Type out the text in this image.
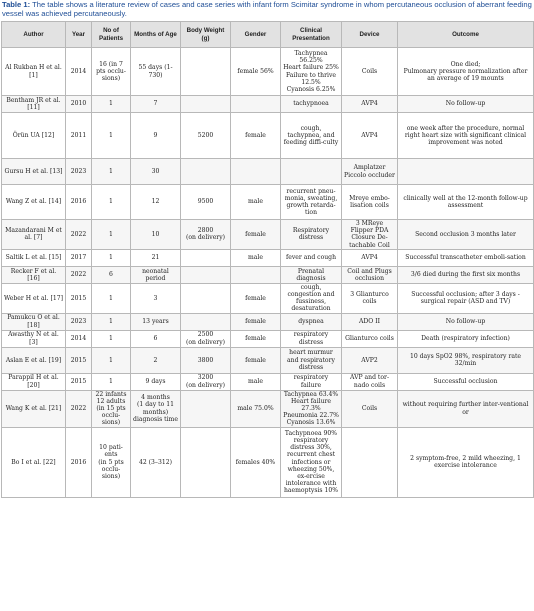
Table 1: The table shows a literature review of cases and case series with infant form Scimitar syndrome in whom percutaneous occlusion of aberrant feeding vessel was achieved percutaneously.
Author	Year	No of Patients	Months of Age	Body Weight (g)	Gender	Clinical Presentation	Device	Outcome
Al Rukban H et al. [1]	2014	16 (in 7 pts occlu-sions)	55 days (1-730)		female 56%	Tachypnea 56.25%
Heart failure 25%
Failure to thrive 12.5%
Cyanosis 6.25%	Coils	One died;
Pulmonary pressure normalization after an average of 19 mounts
Bentham JR et al. [11]	2010	1	7			tachypnoea	AVP4	No follow-up
Örün UA [12]	2011	1	9	5200	female	cough, tachypnea, and feeding diffi-culty	AVP4	one week after the procedure, normal right heart size with significant clinical improvement was noted
Gursu H et al. [13]	2023	1	30				Amplatzer Piccolo occluder	
Wang Z et al. [14]	2016	1	12	9500	male	recurrent pneu-monia, sweating, growth retarda-tion	Mreye embo-lisation coils	clinically well at the 12-month follow-up assessment
Mazandarani M et al. [7]	2022	1	10	2800
(on delivery)	female	Respiratory distress	3 MReye Flipper PDA Closure De-tachable Coil	Second occlusion 3 months later
Saltik L et al. [15]	2017	1	21		male	fever and cough	AVP4	Successful transcatheter emboli-sation
Recker F et al. [16]	2022	6	neonatal period			Prenatal diagnosis	Coil and Plugs occlusion	3/6 died during the first six months
Weber H et al. [17]	2015	1	3		female	cough, congestion and fussiness, desaturation	3 Glianturco coils	Successful occlusion; after 3 days - surgical repair (ASD and TV)
Pamukcu O et al. [18]	2023	1	13 years		female	dyspnea	ADO II	No follow-up
Awasthy N et al. [3]	2014	1	6	2500
(on delivery)	female	respiratory distress	Glianturco coils	Death (respiratory infection)
Aslan E et al. [19]	2015	1	2	3800	female	heart murmur and respiratory distress	AVP2	10 days SpO2 98%, respiratory rate 32/min
Parappil H et al. [20]	2015	1	9 days	3200
(on delivery)	male	respiratory failure	AVP and tor-nado coils	Successful occlusion
Wang K et al. [21]	2022	22 infants
12 adults
(in 15 pts occlu-sions)	4 months
(1 day to 11 months)
diagnosis time		male 75.0%	Tachypnea 63.4%
Heart failure 27.3%
Pneumonia 22.7%
Cyanosis 13.6%	Coils	without requiring further inter-ventional or
Bo I et al. [22]	2016	10 pati-ents
(in 5 pts occlu-sions)	42 (3–312)		females 40%	Tachypnoea 90% respiratory distress 30%, recurrent chest infections or wheezing 50%, ex-ercise intolerance with haemoptysis 10%		2 symptom-free, 2 mild wheezing, 1 exercise intolerance
